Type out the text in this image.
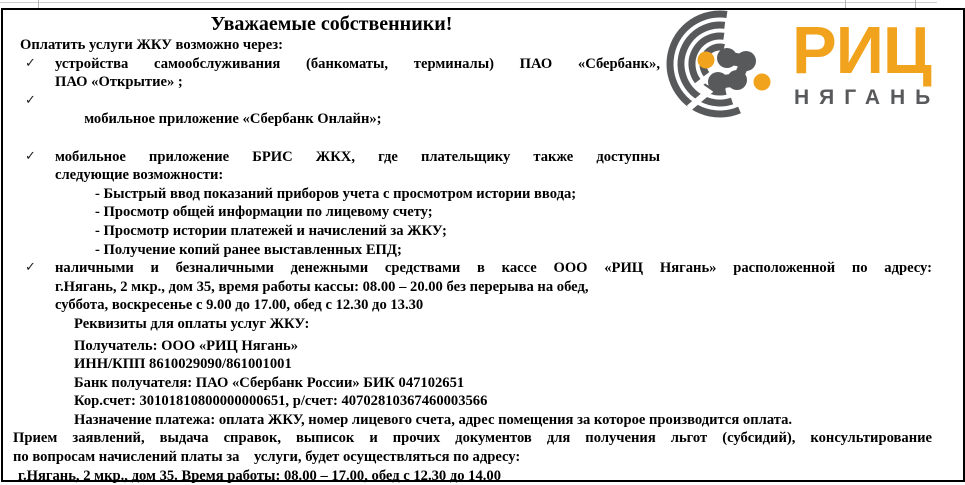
РИЦ
НЯГАНЬ
Уважаемые собственники!
Оплатить услуги ЖКУ возможно через:
✓ устройства самообслуживания (банкоматы, терминалы) ПАО «Сбербанк»,
ПАО «Открытие» ;

✓
мобильное приложение «Сбербанк Онлайн»;

✓ мобильное приложение БРИС ЖКХ, где плательщику также доступны
следующие возможности:
- Быстрый ввод показаний приборов учета с просмотром истории ввода;
- Просмотр общей информации по лицевому счету;
- Просмотр истории платежей и начислений за ЖКУ;
- Получение копий ранее выставленных ЕПД;
✓ наличными и безналичными денежными средствами в кассе ООО «РИЦ Нягань» расположенной по адресу:
г.Нягань, 2 мкр., дом 35, время работы кассы: 08.00 – 20.00 без перерыва на обед,
суббота, воскресенье с 9.00 до 17.00, обед с 12.30 до 13.30
Реквизиты для оплаты услуг ЖКУ:
Получатель: ООО «РИЦ Нягань»
ИНН/КПП 8610029090/861001001
Банк получателя: ПАО «Сбербанк России» БИК 047102651
Кор.счет: 30101810800000000651, р/счет: 40702810367460003566
Назначение платежа: оплата ЖКУ, номер лицевого счета, адрес помещения за которое производится оплата.
Прием заявлений, выдача справок, выписок и прочих документов для получения льгот (субсидий), консультирование
по вопросам начислений платы за    услуги, будет осуществляться по адресу:
г.Нягань, 2 мкр., дом 35. Время работы: 08.00 – 17.00, обед с 12.30 до 14.00
